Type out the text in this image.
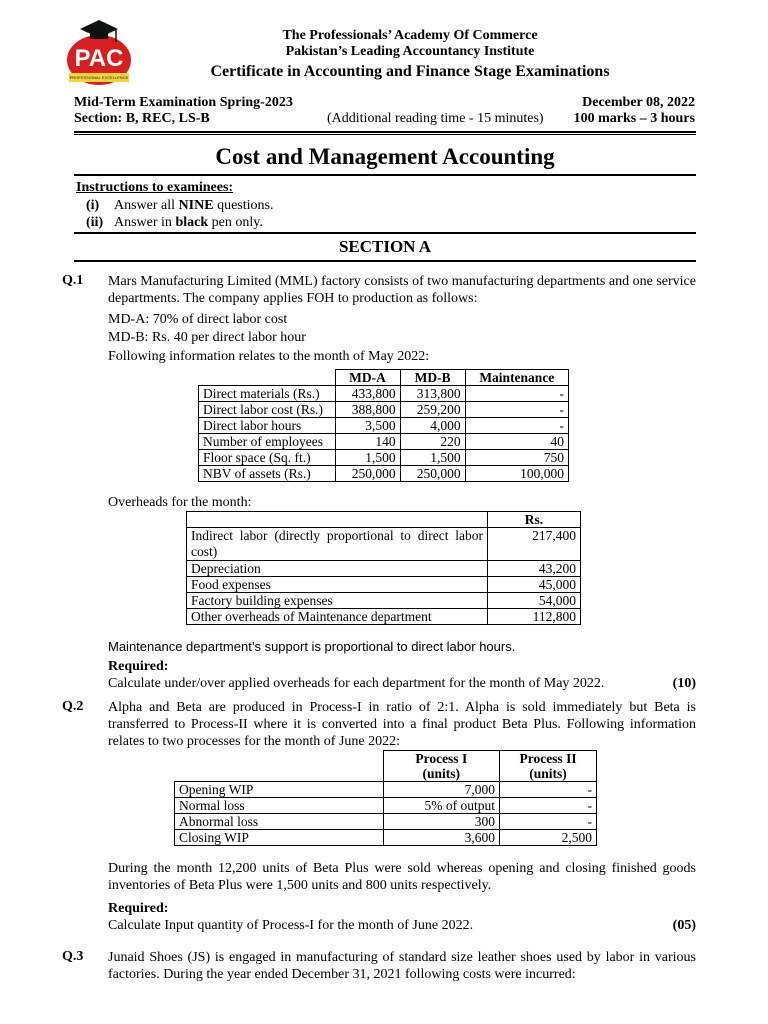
PAC
PROFESSIONAL EXCELLENCE
The Professionals’ Academy Of Commerce
Pakistan’s Leading Accountancy Institute
Certificate in Accounting and Finance Stage Examinations
Mid-Term Examination Spring-2023
Section: B, REC, LS-B	(Additional reading time - 15 minutes)
December 08, 2022
100 marks – 3 hours
Cost and Management Accounting
Instructions to examinees:
(i) Answer all NINE questions.
(ii) Answer in black pen only.
SECTION A
Q.1 Mars Manufacturing Limited (MML) factory consists of two manufacturing departments and one service departments. The company applies FOH to production as follows:
MD-A: 70% of direct labor cost
MD-B: Rs. 40 per direct labor hour
Following information relates to the month of May 2022:
	MD-A	MD-B	Maintenance
Direct materials (Rs.)	433,800	313,800	-
Direct labor cost (Rs.)	388,800	259,200	-
Direct labor hours	3,500	4,000	-
Number of employees	140	220	40
Floor space (Sq. ft.)	1,500	1,500	750
NBV of assets (Rs.)	250,000	250,000	100,000
Overheads for the month:
	Rs.
Indirect labor (directly proportional to direct labor cost)	217,400
Depreciation	43,200
Food expenses	45,000
Factory building expenses	54,000
Other overheads of Maintenance department	112,800
Maintenance department’s support is proportional to direct labor hours.
Required:
Calculate under/over applied overheads for each department for the month of May 2022.	(10)
Q.2 Alpha and Beta are produced in Process-I in ratio of 2:1. Alpha is sold immediately but Beta is transferred to Process-II where it is converted into a final product Beta Plus. Following information relates to two processes for the month of June 2022:
	Process I	Process II
	(units)	(units)
Opening WIP	7,000	-
Normal loss	5% of output	-
Abnormal loss	300	-
Closing WIP	3,600	2,500
During the month 12,200 units of Beta Plus were sold whereas opening and closing finished goods inventories of Beta Plus were 1,500 units and 800 units respectively.
Required:
Calculate Input quantity of Process-I for the month of June 2022.	(05)
Q.3 Junaid Shoes (JS) is engaged in manufacturing of standard size leather shoes used by labor in various factories. During the year ended December 31, 2021 following costs were incurred:
